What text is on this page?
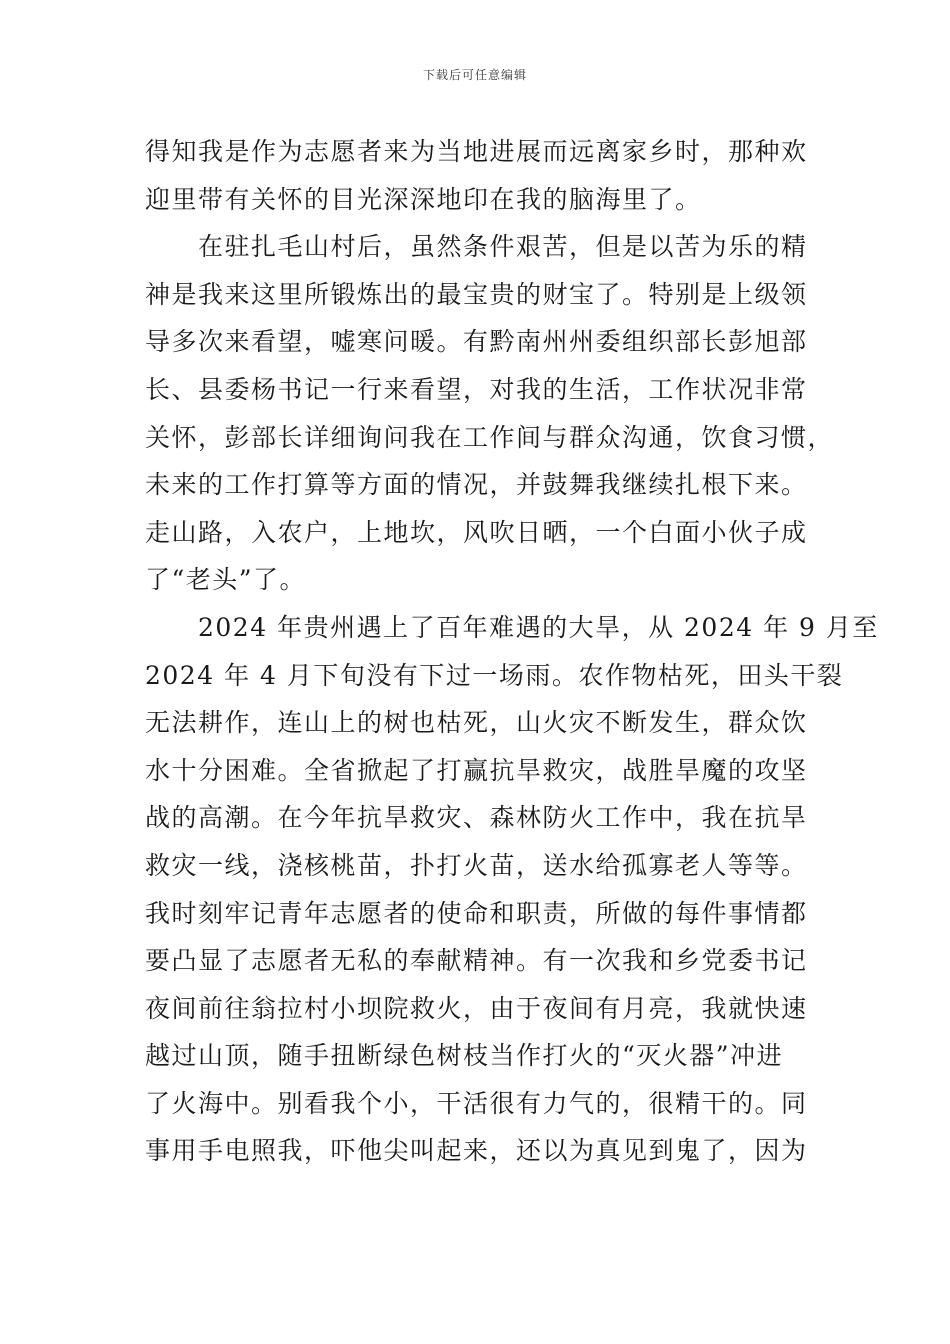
下载后可任意编辑
得知我是作为志愿者来为当地进展而远离家乡时，那种欢
迎里带有关怀的目光深深地印在我的脑海里了。
　　在驻扎毛山村后，虽然条件艰苦，但是以苦为乐的精
神是我来这里所锻炼出的最宝贵的财宝了。特别是上级领
导多次来看望，嘘寒问暖。有黔南州州委组织部长彭旭部
长、县委杨书记一行来看望，对我的生活，工作状况非常
关怀，彭部长详细询问我在工作间与群众沟通，饮食习惯，
未来的工作打算等方面的情况，并鼓舞我继续扎根下来。
走山路，入农户，上地坎，风吹日晒，一个白面小伙子成
了“老头”了。
　　2024 年贵州遇上了百年难遇的大旱，从 2024 年 9 月至
2024 年 4 月下旬没有下过一场雨。农作物枯死，田头干裂
无法耕作，连山上的树也枯死，山火灾不断发生，群众饮
水十分困难。全省掀起了打赢抗旱救灾，战胜旱魔的攻坚
战的高潮。在今年抗旱救灾、森林防火工作中，我在抗旱
救灾一线，浇核桃苗，扑打火苗，送水给孤寡老人等等。
我时刻牢记青年志愿者的使命和职责，所做的每件事情都
要凸显了志愿者无私的奉献精神。有一次我和乡党委书记
夜间前往翁拉村小坝院救火，由于夜间有月亮，我就快速
越过山顶，随手扭断绿色树枝当作打火的“灭火器”冲进
了火海中。别看我个小，干活很有力气的，很精干的。同
事用手电照我，吓他尖叫起来，还以为真见到鬼了，因为
